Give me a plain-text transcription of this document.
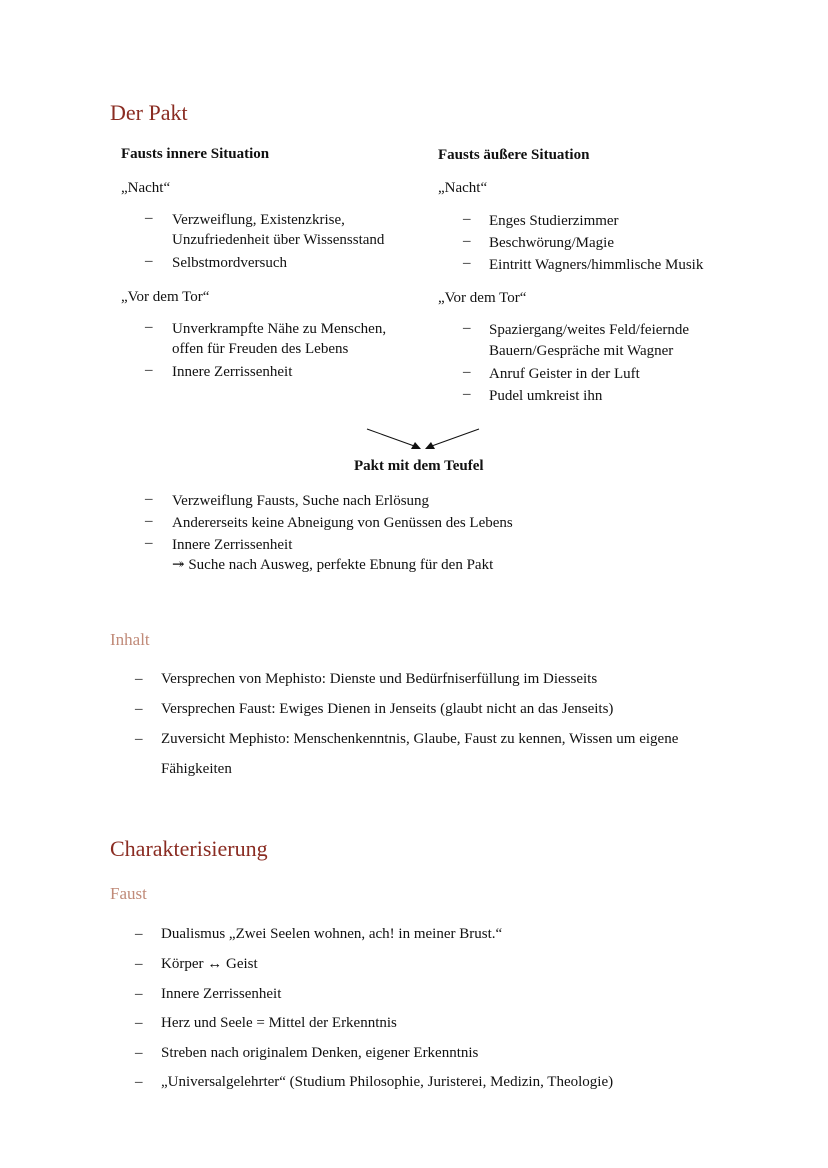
Der Pakt
Fausts innere Situation
„Nacht“
– Verzweiflung, Existenzkrise,
Unzufriedenheit über Wissensstand
– Selbstmordversuch
„Vor dem Tor“
– Unverkrampfte Nähe zu Menschen,
offen für Freuden des Lebens
– Innere Zerrissenheit
Fausts äußere Situation
„Nacht“
– Enges Studierzimmer
– Beschwörung/Magie
– Eintritt Wagners/himmlische Musik
„Vor dem Tor“
– Spaziergang/weites Feld/feiernde
Bauern/Gespräche mit Wagner
– Anruf Geister in der Luft
– Pudel umkreist ihn
Pakt mit dem Teufel
– Verzweiflung Fausts, Suche nach Erlösung
– Andererseits keine Abneigung von Genüssen des Lebens
– Innere Zerrissenheit
↠ Suche nach Ausweg, perfekte Ebnung für den Pakt
Inhalt
– Versprechen von Mephisto: Dienste und Bedürfniserfüllung im Diesseits
– Versprechen Faust: Ewiges Dienen in Jenseits (glaubt nicht an das Jenseits)
– Zuversicht Mephisto: Menschenkenntnis, Glaube, Faust zu kennen, Wissen um eigene
Fähigkeiten
Charakterisierung
Faust
– Dualismus „Zwei Seelen wohnen, ach! in meiner Brust.“
– Körper ↔ Geist
– Innere Zerrissenheit
– Herz und Seele = Mittel der Erkenntnis
– Streben nach originalem Denken, eigener Erkenntnis
– „Universalgelehrter“ (Studium Philosophie, Juristerei, Medizin, Theologie)
